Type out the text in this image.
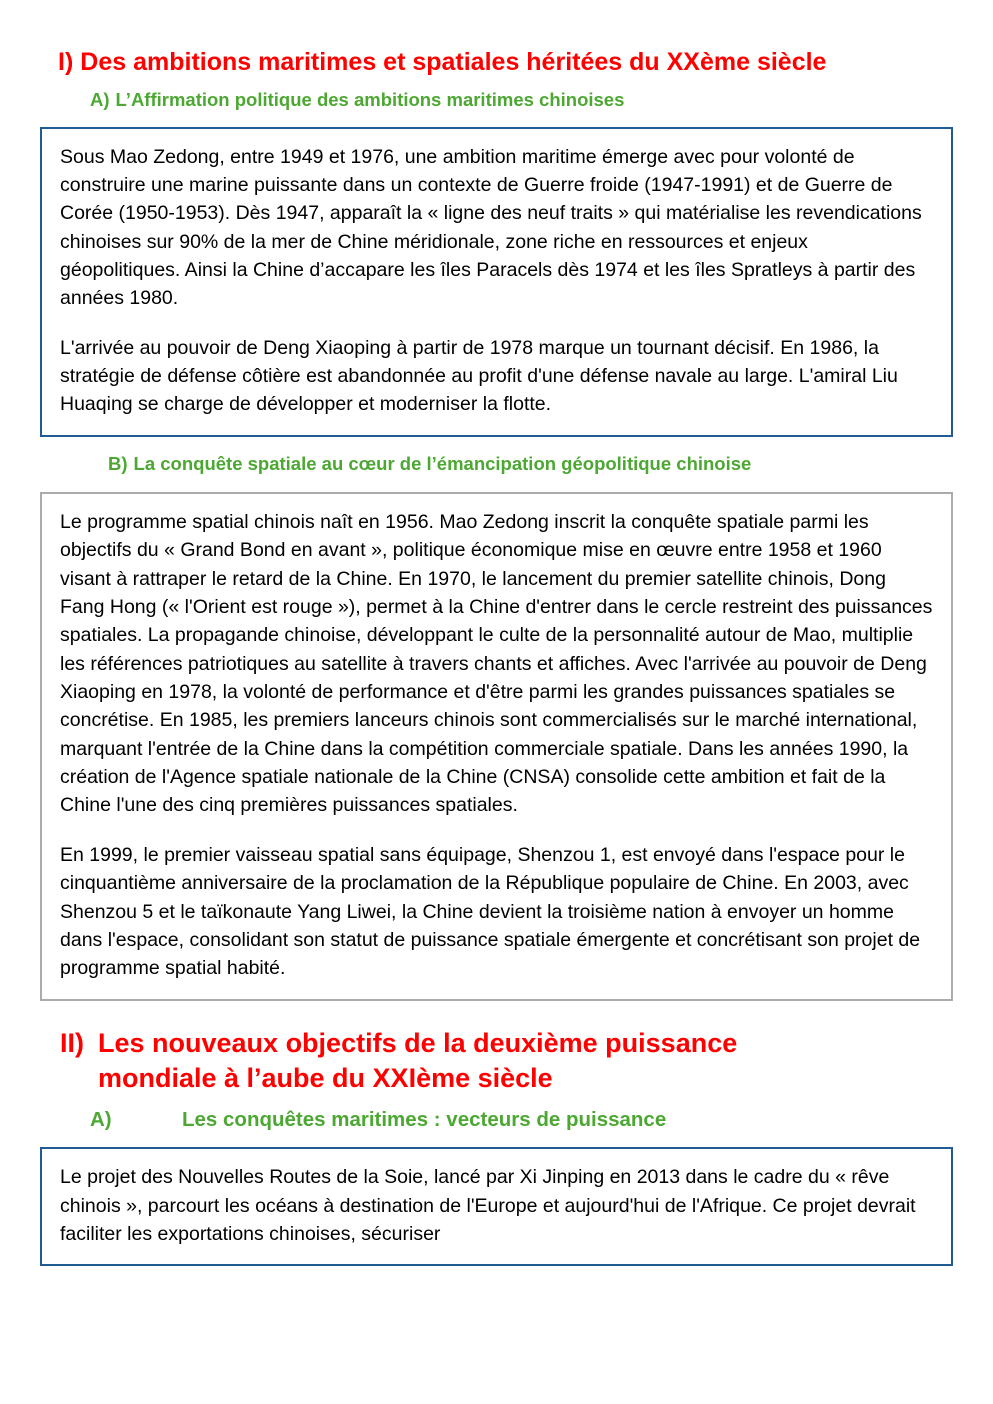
I) Des ambitions maritimes et spatiales héritées du XXème siècle
A) L’Affirmation politique des ambitions maritimes chinoises

Sous Mao Zedong, entre 1949 et 1976, une ambition maritime émerge avec pour volonté de construire une marine puissante dans un contexte de Guerre froide (1947-1991) et de Guerre de Corée (1950-1953). Dès 1947, apparaît la « ligne des neuf traits » qui matérialise les revendications chinoises sur 90% de la mer de Chine méridionale, zone riche en ressources et enjeux géopolitiques. Ainsi la Chine d’accapare les îles Paracels dès 1974 et les îles Spratleys à partir des années 1980.

L'arrivée au pouvoir de Deng Xiaoping à partir de 1978 marque un tournant décisif. En 1986, la stratégie de défense côtière est abandonnée au profit d'une défense navale au large. L'amiral Liu Huaqing se charge de développer et moderniser la flotte.

B) La conquête spatiale au cœur de l’émancipation géopolitique chinoise

Le programme spatial chinois naît en 1956. Mao Zedong inscrit la conquête spatiale parmi les objectifs du « Grand Bond en avant », politique économique mise en œuvre entre 1958 et 1960 visant à rattraper le retard de la Chine. En 1970, le lancement du premier satellite chinois, Dong Fang Hong (« l'Orient est rouge »), permet à la Chine d'entrer dans le cercle restreint des puissances spatiales. La propagande chinoise, développant le culte de la personnalité autour de Mao, multiplie les références patriotiques au satellite à travers chants et affiches. Avec l'arrivée au pouvoir de Deng Xiaoping en 1978, la volonté de performance et d'être parmi les grandes puissances spatiales se concrétise. En 1985, les premiers lanceurs chinois sont commercialisés sur le marché international, marquant l'entrée de la Chine dans la compétition commerciale spatiale. Dans les années 1990, la création de l'Agence spatiale nationale de la Chine (CNSA) consolide cette ambition et fait de la Chine l'une des cinq premières puissances spatiales.

En 1999, le premier vaisseau spatial sans équipage, Shenzou 1, est envoyé dans l'espace pour le cinquantième anniversaire de la proclamation de la République populaire de Chine. En 2003, avec Shenzou 5 et le taïkonaute Yang Liwei, la Chine devient la troisième nation à envoyer un homme dans l'espace, consolidant son statut de puissance spatiale émergente et concrétisant son projet de programme spatial habité.

II) Les nouveaux objectifs de la deuxième puissance mondiale à l’aube du XXIème siècle
A)	Les conquêtes maritimes : vecteurs de puissance

Le projet des Nouvelles Routes de la Soie, lancé par Xi Jinping en 2013 dans le cadre du « rêve chinois », parcourt les océans à destination de l'Europe et aujourd'hui de l'Afrique. Ce projet devrait faciliter les exportations chinoises, sécuriser
